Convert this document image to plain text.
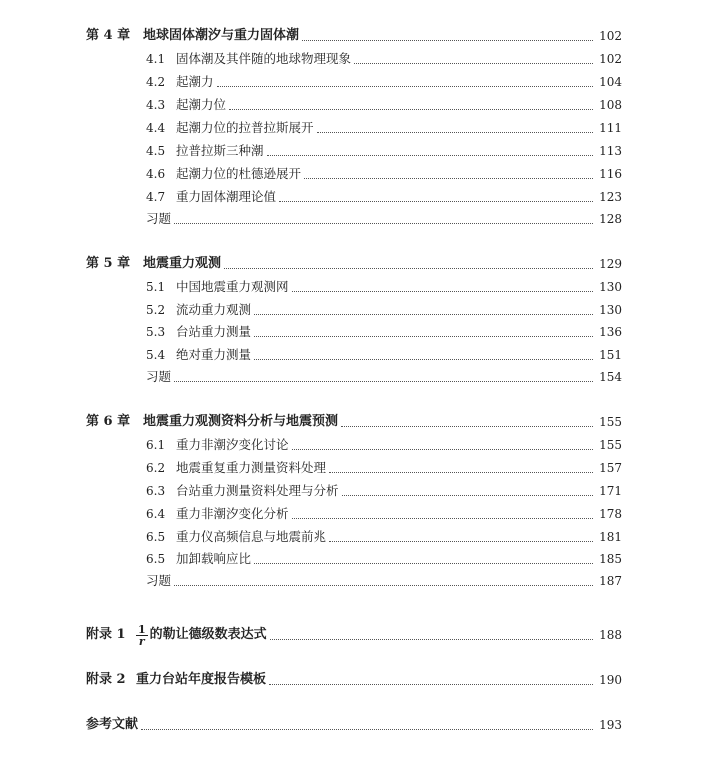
第 4 章 地球固体潮汐与重力固体潮	102
4.1 固体潮及其伴随的地球物理现象	102
4.2 起潮力	104
4.3 起潮力位	108
4.4 起潮力位的拉普拉斯展开	111
4.5 拉普拉斯三种潮	113
4.6 起潮力位的杜德逊展开	116
4.7 重力固体潮理论值	123
习题	128
第 5 章 地震重力观测	129
5.1 中国地震重力观测网	130
5.2 流动重力观测	130
5.3 台站重力测量	136
5.4 绝对重力测量	151
习题	154
第 6 章 地震重力观测资料分析与地震预测	155
6.1 重力非潮汐变化讨论	155
6.2 地震重复重力测量资料处理	157
6.3 台站重力测量资料处理与分析	171
6.4 重力非潮汐变化分析	178
6.5 重力仪高频信息与地震前兆	181
6.5 加卸载响应比	185
习题	187
附录 $1 \frac{1}{r}$ 的勒让德级数表达式	188
附录 2 重力台站年度报告模板	190
参考文献	193
